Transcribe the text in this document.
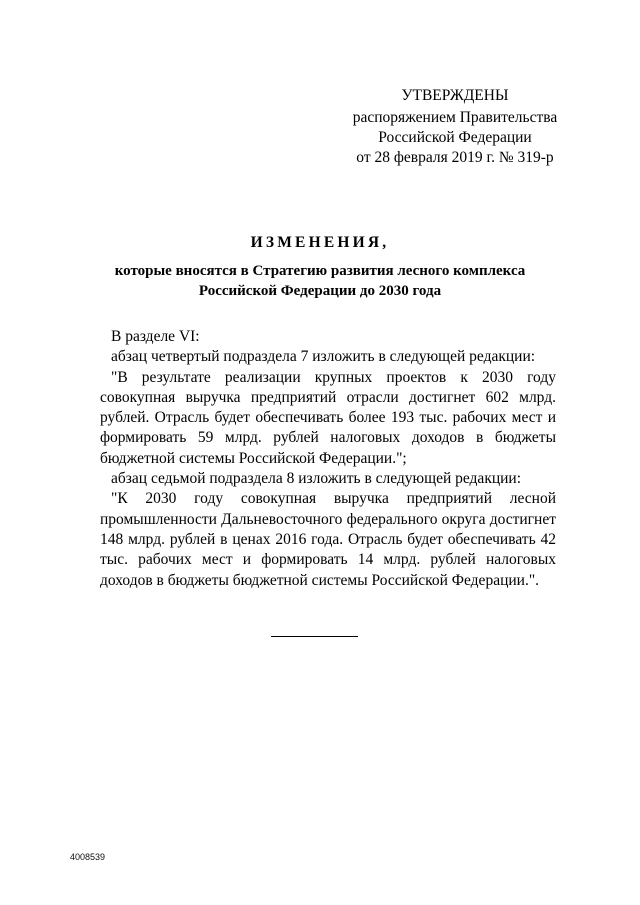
УТВЕРЖДЕНЫ
распоряжением Правительства
Российской Федерации
от 28 февраля 2019 г. № 319-р
ИЗМЕНЕНИЯ,
которые вносятся в Стратегию развития лесного комплекса
Российской Федерации до 2030 года

В разделе VI:

абзац четвертый подраздела 7 изложить в следующей редакции:

"В результате реализации крупных проектов к 2030 году совокупная выручка предприятий отрасли достигнет 602 млрд. рублей. Отрасль будет обеспечивать более 193 тыс. рабочих мест и формировать 59 млрд. рублей налоговых доходов в бюджеты бюджетной системы Российской Федерации.";

абзац седьмой подраздела 8 изложить в следующей редакции:

"К 2030 году совокупная выручка предприятий лесной промышленности Дальневосточного федерального округа достигнет 148 млрд. рублей в ценах 2016 года. Отрасль будет обеспечивать 42 тыс. рабочих мест и формировать 14 млрд. рублей налоговых доходов в бюджеты бюджетной системы Российской Федерации.".

4008539
